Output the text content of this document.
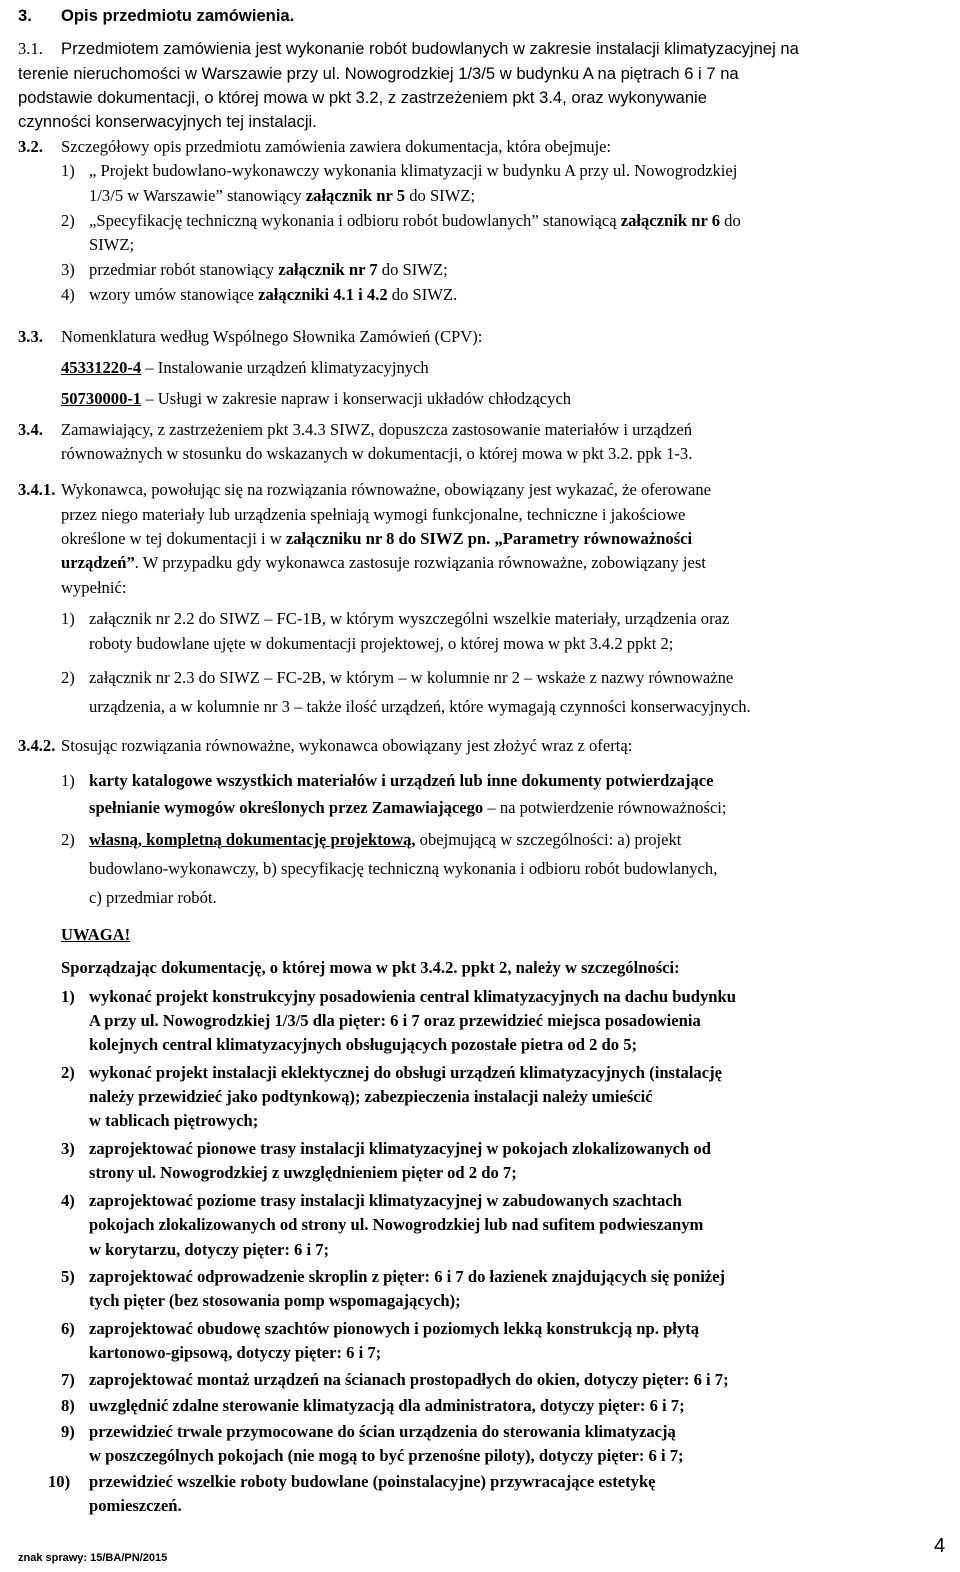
3. Opis przedmiotu zamówienia.
3.1. Przedmiotem zamówienia jest wykonanie robót budowlanych w zakresie instalacji klimatyzacyjnej na
terenie nieruchomości w Warszawie przy ul. Nowogrodzkiej 1/3/5 w budynku A na piętrach 6 i 7 na
podstawie dokumentacji, o której mowa w pkt 3.2, z zastrzeżeniem pkt 3.4, oraz wykonywanie
czynności konserwacyjnych tej instalacji.
3.2. Szczegółowy opis przedmiotu zamówienia zawiera dokumentacja, która obejmuje:
1) „ Projekt budowlano-wykonawczy wykonania klimatyzacji w budynku A przy ul. Nowogrodzkiej
1/3/5 w Warszawie” stanowiący załącznik nr 5 do SIWZ;
2) „Specyfikację techniczną wykonania i odbioru robót budowlanych” stanowiącą załącznik nr 6 do
SIWZ;
3) przedmiar robót stanowiący załącznik nr 7 do SIWZ;
4) wzory umów stanowiące załączniki 4.1 i 4.2 do SIWZ.
3.3. Nomenklatura według Wspólnego Słownika Zamówień (CPV):
45331220-4 – Instalowanie urządzeń klimatyzacyjnych
50730000-1 – Usługi w zakresie napraw i konserwacji układów chłodzących
3.4. Zamawiający, z zastrzeżeniem pkt 3.4.3 SIWZ, dopuszcza zastosowanie materiałów i urządzeń
równoważnych w stosunku do wskazanych w dokumentacji, o której mowa w pkt 3.2. ppk 1-3.
3.4.1. Wykonawca, powołując się na rozwiązania równoważne, obowiązany jest wykazać, że oferowane
przez niego materiały lub urządzenia spełniają wymogi funkcjonalne, techniczne i jakościowe
określone w tej dokumentacji i w załączniku nr 8 do SIWZ pn. „Parametry równoważności
urządzeń”. W przypadku gdy wykonawca zastosuje rozwiązania równoważne, zobowiązany jest
wypełnić:
1) załącznik nr 2.2 do SIWZ – FC-1B, w którym wyszczególni wszelkie materiały, urządzenia oraz
roboty budowlane ujęte w dokumentacji projektowej, o której mowa w pkt 3.4.2 ppkt 2;
2) załącznik nr 2.3 do SIWZ – FC-2B, w którym – w kolumnie nr 2 – wskaże z nazwy równoważne
urządzenia, a w kolumnie nr 3 – także ilość urządzeń, które wymagają czynności konserwacyjnych.
3.4.2. Stosując rozwiązania równoważne, wykonawca obowiązany jest złożyć wraz z ofertą:
1) karty katalogowe wszystkich materiałów i urządzeń lub inne dokumenty potwierdzające
spełnianie wymogów określonych przez Zamawiającego – na potwierdzenie równoważności;
2) własną, kompletną dokumentację projektową, obejmującą w szczególności: a) projekt
budowlano-wykonawczy, b) specyfikację techniczną wykonania i odbioru robót budowlanych,
c) przedmiar robót.
UWAGA!
Sporządzając dokumentację, o której mowa w pkt 3.4.2. ppkt 2, należy w szczególności:
1) wykonać projekt konstrukcyjny posadowienia central klimatyzacyjnych na dachu budynku
A przy ul. Nowogrodzkiej 1/3/5 dla pięter: 6 i 7 oraz przewidzieć miejsca posadowienia
kolejnych central klimatyzacyjnych obsługujących pozostałe pietra od 2 do 5;
2) wykonać projekt instalacji eklektycznej do obsługi urządzeń klimatyzacyjnych (instalację
należy przewidzieć jako podtynkową); zabezpieczenia instalacji należy umieścić
w tablicach piętrowych;
3) zaprojektować pionowe trasy instalacji klimatyzacyjnej w pokojach zlokalizowanych od
strony ul. Nowogrodzkiej z uwzględnieniem pięter od 2 do 7;
4) zaprojektować poziome trasy instalacji klimatyzacyjnej w zabudowanych szachtach
pokojach zlokalizowanych od strony ul. Nowogrodzkiej lub nad sufitem podwieszanym
w korytarzu, dotyczy pięter: 6 i 7;
5) zaprojektować odprowadzenie skroplin z pięter: 6 i 7 do łazienek znajdujących się poniżej
tych pięter (bez stosowania pomp wspomagających);
6) zaprojektować obudowę szachtów pionowych i poziomych lekką konstrukcją np. płytą
kartonowo-gipsową, dotyczy pięter: 6 i 7;
7) zaprojektować montaż urządzeń na ścianach prostopadłych do okien, dotyczy pięter: 6 i 7;
8) uwzględnić zdalne sterowanie klimatyzacją dla administratora, dotyczy pięter: 6 i 7;
9) przewidzieć trwale przymocowane do ścian urządzenia do sterowania klimatyzacją
w poszczególnych pokojach (nie mogą to być przenośne piloty), dotyczy pięter: 6 i 7;
10) przewidzieć wszelkie roboty budowlane (poinstalacyjne) przywracające estetykę
pomieszczeń.
znak sprawy: 15/BA/PN/2015
4
